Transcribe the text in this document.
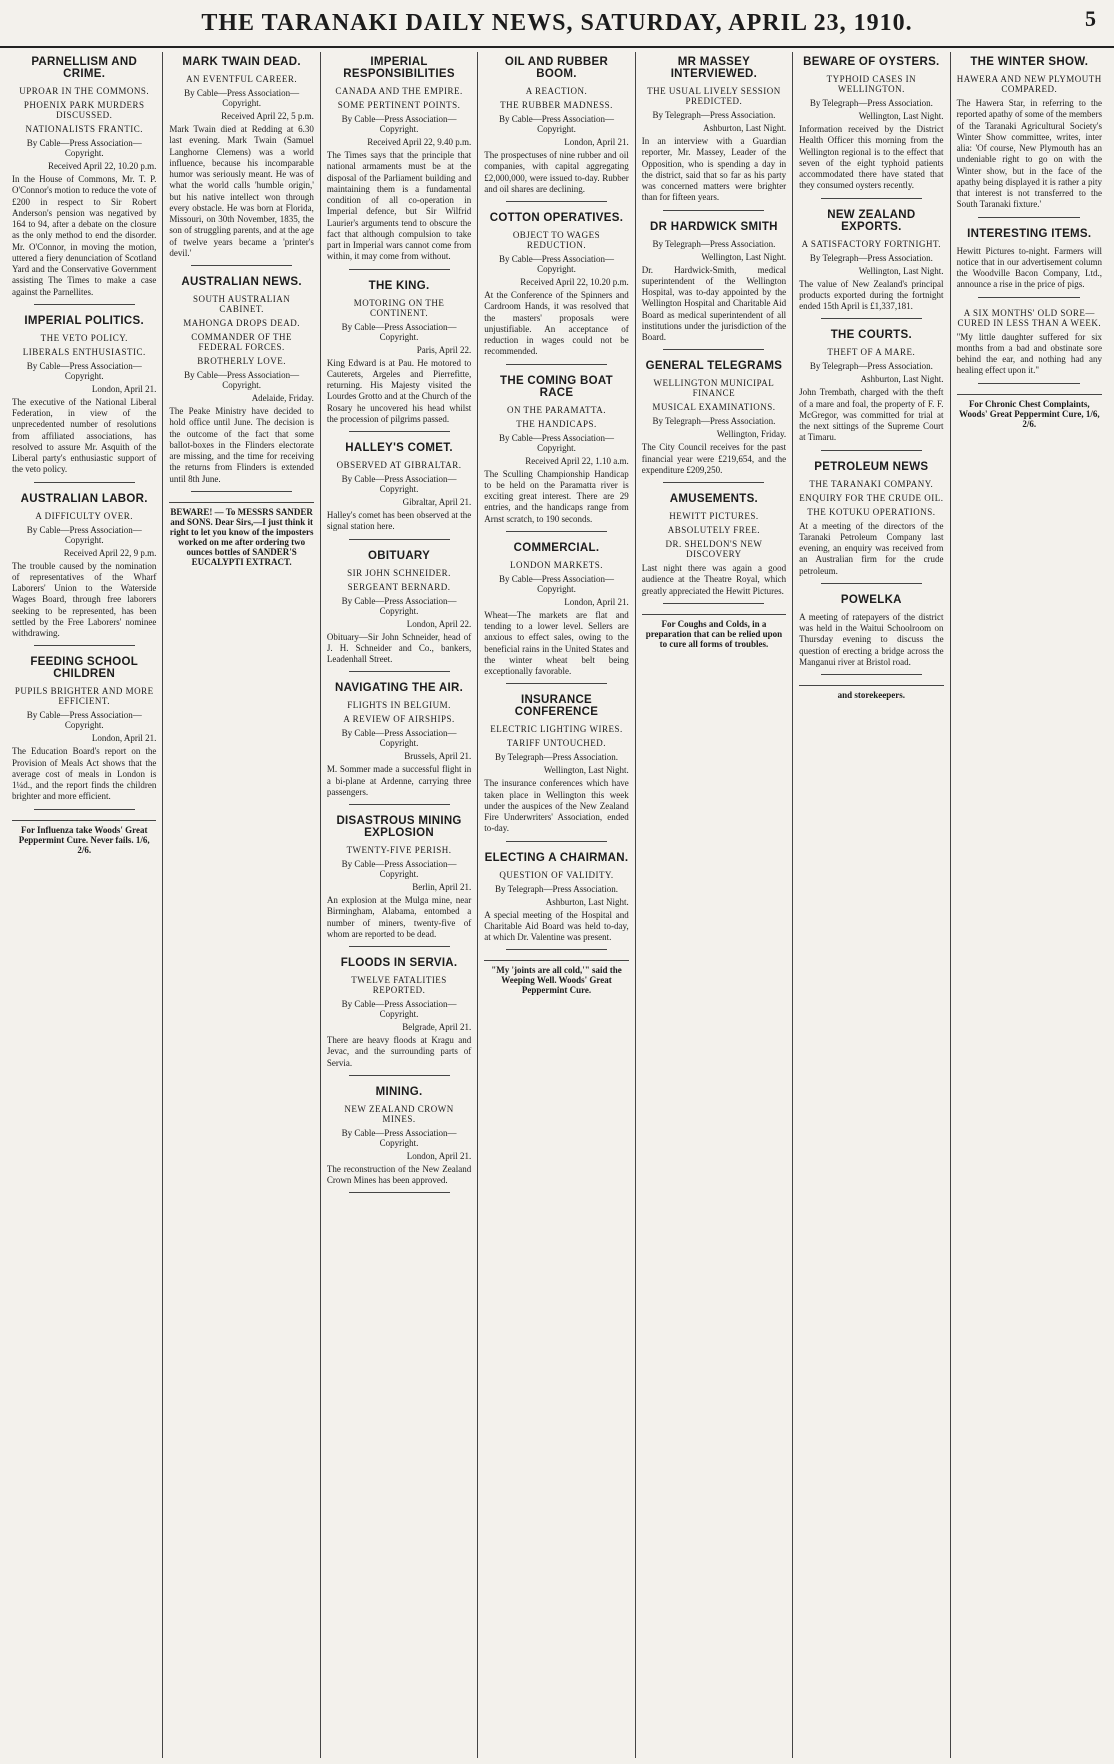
THE TARANAKI DAILY NEWS, SATURDAY, APRIL 23, 1910.	5
PARNELLISM AND CRIME.
UPROAR IN THE COMMONS.
PHOENIX PARK MURDERS DISCUSSED.
NATIONALISTS FRANTIC.
By Cable—Press Association—Copyright.
Received April 22, 10.20 p.m.
In the House of Commons, Mr. T. P. O'Connor's motion to reduce the vote of £200 in respect to Sir Robert Anderson's pension was negatived by 164 to 94, after a debate on the closure as the only method to end the disorder. Mr. O'Connor, in moving the motion, uttered a fiery denunciation of Scotland Yard and the Conservative Government assisting The Times to make a case against the Parnellites.
IMPERIAL POLITICS.
THE VETO POLICY.
LIBERALS ENTHUSIASTIC.
By Cable—Press Association—Copyright.
London, April 21.
The executive of the National Liberal Federation, in view of the unprecedented number of resolutions from affiliated associations, has resolved to assure Mr. Asquith of the Liberal party's enthusiastic support of the veto policy.
AUSTRALIAN LABOR.
A DIFFICULTY OVER.
By Cable—Press Association—Copyright.
Received April 22, 9 p.m.
The trouble caused by the nomination of representatives of the Wharf Laborers' Union to the Waterside Wages Board, through free laborers seeking to be represented, has been settled by the Free Laborers' nominee withdrawing.
FEEDING SCHOOL CHILDREN
PUPILS BRIGHTER AND MORE EFFICIENT.
By Cable—Press Association—Copyright.
London, April 21.
The Education Board's report on the Provision of Meals Act shows that the average cost of meals in London is 1¼d., and the report finds the children brighter and more efficient.
For Influenza take Woods' Great Peppermint Cure. Never fails. 1/6, 2/6.
MARK TWAIN DEAD.
AN EVENTFUL CAREER.
By Cable—Press Association—Copyright.
Received April 22, 5 p.m.
Mark Twain died at Redding at 6.30 last evening. Mark Twain (Samuel Langhorne Clemens) was a world influence, because his incomparable humor was seriously meant. He was of what the world calls 'humble origin,' but his native intellect won through every obstacle. He was born at Florida, Missouri, on 30th November, 1835, the son of struggling parents, and at the age of twelve years became a 'printer's devil.'
AUSTRALIAN NEWS.
SOUTH AUSTRALIAN CABINET.
MAHONGA DROPS DEAD.
COMMANDER OF THE FEDERAL FORCES.
BROTHERLY LOVE.
By Cable—Press Association—Copyright.
Adelaide, Friday.
The Peake Ministry have decided to hold office until June. The decision is the outcome of the fact that some ballot-boxes in the Flinders electorate are missing, and the time for receiving the returns from Flinders is extended until 8th June.
BEWARE! — To MESSRS SANDER and SONS. Dear Sirs,—I just think it right to let you know of the imposters worked on me after ordering two ounces bottles of SANDER'S EUCALYPTI EXTRACT.
IMPERIAL RESPONSIBILITIES
CANADA AND THE EMPIRE.
SOME PERTINENT POINTS.
By Cable—Press Association—Copyright.
Received April 22, 9.40 p.m.
The Times says that the principle that national armaments must be at the disposal of the Parliament building and maintaining them is a fundamental condition of all co-operation in Imperial defence, but Sir Wilfrid Laurier's arguments tend to obscure the fact that although compulsion to take part in Imperial wars cannot come from within, it may come from without.
THE KING.
MOTORING ON THE CONTINENT.
By Cable—Press Association—Copyright.
Paris, April 22.
King Edward is at Pau. He motored to Cauterets, Argeles and Pierrefitte, returning. His Majesty visited the Lourdes Grotto and at the Church of the Rosary he uncovered his head whilst the procession of pilgrims passed.
HALLEY'S COMET.
OBSERVED AT GIBRALTAR.
By Cable—Press Association—Copyright.
Gibraltar, April 21.
Halley's comet has been observed at the signal station here.
OBITUARY
SIR JOHN SCHNEIDER.
SERGEANT BERNARD.
By Cable—Press Association—Copyright.
London, April 22.
Obituary—Sir John Schneider, head of J. H. Schneider and Co., bankers, Leadenhall Street.
NAVIGATING THE AIR.
FLIGHTS IN BELGIUM.
A REVIEW OF AIRSHIPS.
By Cable—Press Association—Copyright.
Brussels, April 21.
M. Sommer made a successful flight in a bi-plane at Ardenne, carrying three passengers.
DISASTROUS MINING EXPLOSION
TWENTY-FIVE PERISH.
By Cable—Press Association—Copyright.
Berlin, April 21.
An explosion at the Mulga mine, near Birmingham, Alabama, entombed a number of miners, twenty-five of whom are reported to be dead.
FLOODS IN SERVIA.
TWELVE FATALITIES REPORTED.
By Cable—Press Association—Copyright.
Belgrade, April 21.
There are heavy floods at Kragu and Jevac, and the surrounding parts of Servia.
MINING.
NEW ZEALAND CROWN MINES.
By Cable—Press Association—Copyright.
London, April 21.
The reconstruction of the New Zealand Crown Mines has been approved.
OIL AND RUBBER BOOM.
A REACTION.
THE RUBBER MADNESS.
By Cable—Press Association—Copyright.
London, April 21.
The prospectuses of nine rubber and oil companies, with capital aggregating £2,000,000, were issued to-day. Rubber and oil shares are declining.
COTTON OPERATIVES.
OBJECT TO WAGES REDUCTION.
By Cable—Press Association—Copyright.
Received April 22, 10.20 p.m.
At the Conference of the Spinners and Cardroom Hands, it was resolved that the masters' proposals were unjustifiable. An acceptance of reduction in wages could not be recommended.
THE COMING BOAT RACE
ON THE PARAMATTA.
THE HANDICAPS.
By Cable—Press Association—Copyright.
Received April 22, 1.10 a.m.
The Sculling Championship Handicap to be held on the Paramatta river is exciting great interest. There are 29 entries, and the handicaps range from Arnst scratch, to 190 seconds.
COMMERCIAL.
LONDON MARKETS.
By Cable—Press Association—Copyright.
London, April 21.
Wheat—The markets are flat and tending to a lower level. Sellers are anxious to effect sales, owing to the beneficial rains in the United States and the winter wheat belt being exceptionally favorable.
INSURANCE CONFERENCE
ELECTRIC LIGHTING WIRES.
TARIFF UNTOUCHED.
By Telegraph—Press Association.
Wellington, Last Night.
The insurance conferences which have taken place in Wellington this week under the auspices of the New Zealand Fire Underwriters' Association, ended to-day.
ELECTING A CHAIRMAN.
QUESTION OF VALIDITY.
By Telegraph—Press Association.
Ashburton, Last Night.
A special meeting of the Hospital and Charitable Aid Board was held to-day, at which Dr. Valentine was present.
"My 'joints are all cold,'" said the Weeping Well. Woods' Great Peppermint Cure.
MR MASSEY INTERVIEWED.
THE USUAL LIVELY SESSION PREDICTED.
By Telegraph—Press Association.
Ashburton, Last Night.
In an interview with a Guardian reporter, Mr. Massey, Leader of the Opposition, who is spending a day in the district, said that so far as his party was concerned matters were brighter than for fifteen years.
DR HARDWICK SMITH
By Telegraph—Press Association.
Wellington, Last Night.
Dr. Hardwick-Smith, medical superintendent of the Wellington Hospital, was to-day appointed by the Wellington Hospital and Charitable Aid Board as medical superintendent of all institutions under the jurisdiction of the Board.
GENERAL TELEGRAMS
WELLINGTON MUNICIPAL FINANCE
MUSICAL EXAMINATIONS.
By Telegraph—Press Association.
Wellington, Friday.
The City Council receives for the past financial year were £219,654, and the expenditure £209,250.
AMUSEMENTS.
HEWITT PICTURES.
ABSOLUTELY FREE.
DR. SHELDON'S NEW DISCOVERY
Last night there was again a good audience at the Theatre Royal, which greatly appreciated the Hewitt Pictures.
For Coughs and Colds, in a preparation that can be relied upon to cure all forms of troubles.
BEWARE OF OYSTERS.
TYPHOID CASES IN WELLINGTON.
By Telegraph—Press Association.
Wellington, Last Night.
Information received by the District Health Officer this morning from the Wellington regional is to the effect that seven of the eight typhoid patients accommodated there have stated that they consumed oysters recently.
NEW ZEALAND EXPORTS.
A SATISFACTORY FORTNIGHT.
By Telegraph—Press Association.
Wellington, Last Night.
The value of New Zealand's principal products exported during the fortnight ended 15th April is £1,337,181.
THE COURTS.
THEFT OF A MARE.
By Telegraph—Press Association.
Ashburton, Last Night.
John Trembath, charged with the theft of a mare and foal, the property of F. F. McGregor, was committed for trial at the next sittings of the Supreme Court at Timaru.
PETROLEUM NEWS
THE TARANAKI COMPANY.
ENQUIRY FOR THE CRUDE OIL.
THE KOTUKU OPERATIONS.
At a meeting of the directors of the Taranaki Petroleum Company last evening, an enquiry was received from an Australian firm for the crude petroleum.
POWELKA
A meeting of ratepayers of the district was held in the Waitui Schoolroom on Thursday evening to discuss the question of erecting a bridge across the Manganui river at Bristol road.
and storekeepers.
THE WINTER SHOW.
HAWERA AND NEW PLYMOUTH COMPARED.
The Hawera Star, in referring to the reported apathy of some of the members of the Taranaki Agricultural Society's Winter Show committee, writes, inter alia: 'Of course, New Plymouth has an undeniable right to go on with the Winter show, but in the face of the apathy being displayed it is rather a pity that interest is not transferred to the South Taranaki fixture.'
INTERESTING ITEMS.
Hewitt Pictures to-night. Farmers will notice that in our advertisement column the Woodville Bacon Company, Ltd., announce a rise in the price of pigs.
A SIX MONTHS' OLD SORE—CURED IN LESS THAN A WEEK.
"My little daughter suffered for six months from a bad and obstinate sore behind the ear, and nothing had any healing effect upon it."
For Chronic Chest Complaints, Woods' Great Peppermint Cure, 1/6, 2/6.
